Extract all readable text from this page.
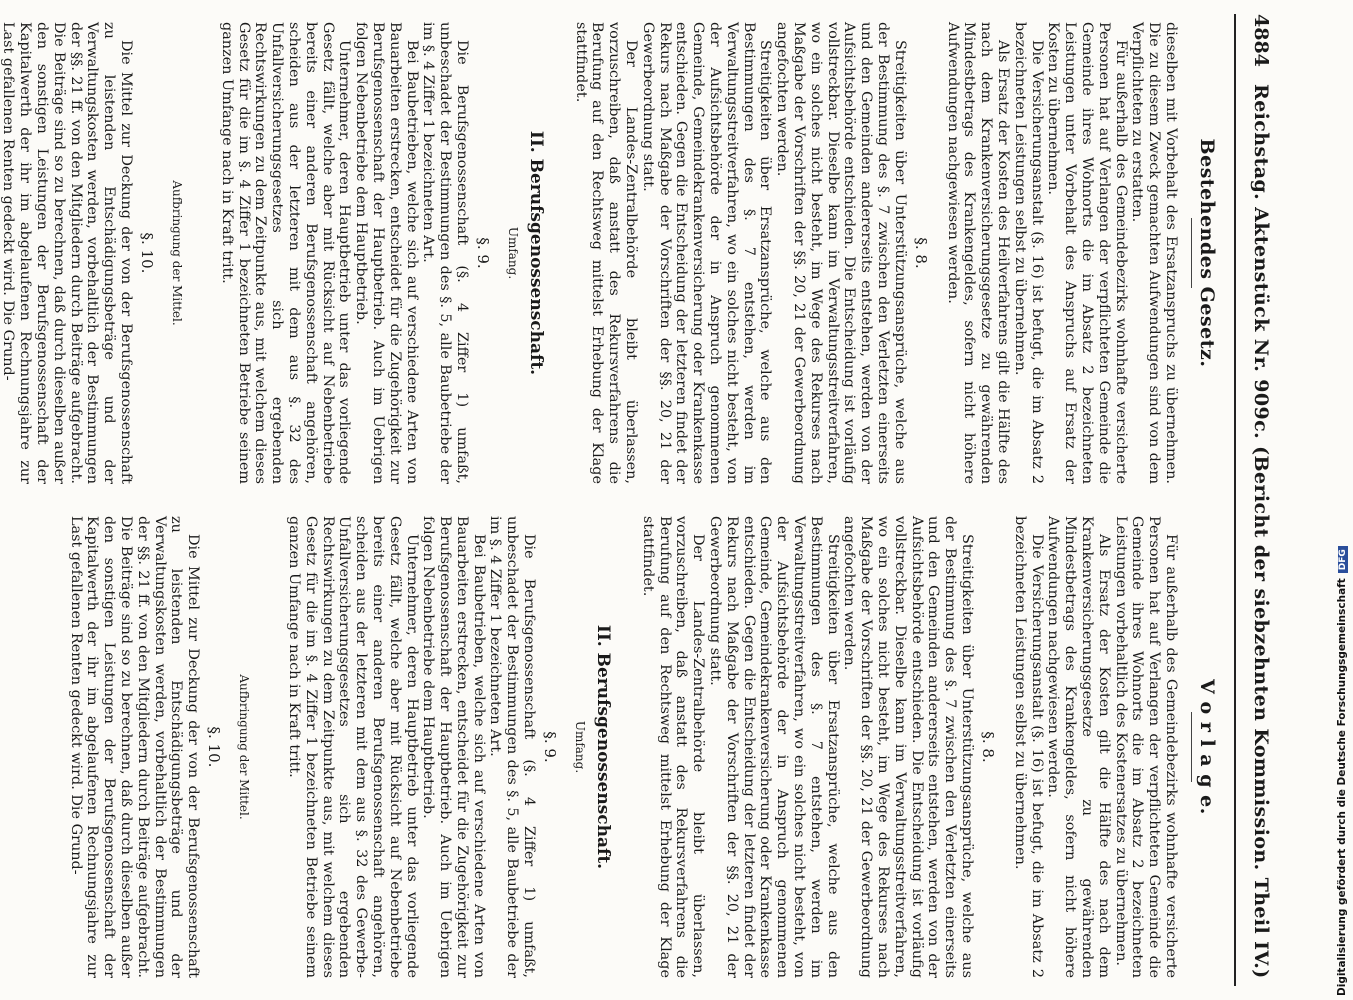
4884
Reichstag. Aktenstück Nr. 909c. (Bericht der siebzehnten Kommission. Theil IV.)
Bestehendes Gesetz.

dieselben mit Vorbehalt des Ersatzanspruchs zu übernehmen. Die zu diesem Zweck gemachten Aufwendungen sind von dem Verpflichteten zu erstatten.

Für außerhalb des Gemeindebezirks wohnhafte versicherte Personen hat auf Verlangen der verpflichteten Gemeinde die Gemeinde ihres Wohnorts die im Absatz 2 bezeichneten Leistungen unter Vorbehalt des Anspruchs auf Ersatz der Kosten zu übernehmen.

Die Versicherungsanstalt (§. 16) ist befugt, die im Absatz 2 bezeichneten Leistungen selbst zu übernehmen.

Als Ersatz der Kosten des Heilverfahrens gilt die Hälfte des nach dem Krankenversicherungsgesetze zu gewährenden Mindestbetrags des Krankengeldes, sofern nicht höhere Aufwendungen nachgewiesen werden.

§. 8.

Streitigkeiten über Unterstützungsansprüche, welche aus der Bestimmung des §. 7 zwischen den Verletzten einerseits und den Gemeinden andererseits entstehen, werden von der Aufsichtsbehörde entschieden. Die Entscheidung ist vorläufig vollstreckbar. Dieselbe kann im Verwaltungsstreitverfahren, wo ein solches nicht besteht, im Wege des Rekurses nach Maßgabe der Vorschriften der §§. 20, 21 der Gewerbeordnung angefochten werden.

Streitigkeiten über Ersatzansprüche, welche aus den Bestimmungen des §. 7 entstehen, werden im Verwaltungsstreitverfahren, wo ein solches nicht besteht, von der Aufsichtsbehörde der in Anspruch genommenen Gemeinde, Gemeindekrankenversicherung oder Krankenkasse entschieden. Gegen die Entscheidung der letzteren findet der Rekurs nach Maßgabe der Vorschriften der §§. 20, 21 der Gewerbeordnung statt.

Der Landes-Zentralbehörde bleibt überlassen, vorzuschreiben, daß anstatt des Rekursverfahrens die Berufung auf den Rechtsweg mittelst Erhebung der Klage stattfindet.

II. Berufsgenossenschaft.
Umfang.
§. 9.

Die Berufsgenossenschaft (§. 4 Ziffer 1) umfaßt, unbeschadet der Bestimmungen des §. 5, alle Baubetriebe der im §. 4 Ziffer 1 bezeichneten Art.

Bei Baubetrieben, welche sich auf verschiedene Arten von Bauarbeiten erstrecken, entscheidet für die Zugehörigkeit zur Berufsgenossenschaft der Hauptbetrieb. Auch im Uebrigen folgen Nebenbetriebe dem Hauptbetrieb.

Unternehmer, deren Hauptbetrieb unter das vorliegende Gesetz fällt, welche aber mit Rücksicht auf Nebenbetriebe bereits einer anderen Berufsgenossenschaft angehören, scheiden aus der letzteren mit dem aus §. 32 des Unfallversicherungsgesetzes sich ergebenden Rechtswirkungen zu dem Zeitpunkte aus, mit welchem dieses Gesetz für die im §. 4 Ziffer 1 bezeichneten Betriebe seinem ganzen Umfange nach in Kraft tritt.

Aufbringung der Mittel.
§. 10.

Die Mittel zur Deckung der von der Berufsgenossenschaft zu leistenden Entschädigungsbeträge und der Verwaltungskosten werden, vorbehaltlich der Bestimmungen der §§. 21 ff. von den Mitgliedern durch Beiträge aufgebracht. Die Beiträge sind so zu berechnen, daß durch dieselben außer den sonstigen Leistungen der Berufsgenossenschaft der Kapitalwerth der ihr im abgelaufenen Rechnungsjahre zur Last gefallenen Renten gedeckt wird. Die Grund-

V o r l a g e.

Für außerhalb des Gemeindebezirks wohnhafte versicherte Personen hat auf Verlangen der verpflichteten Gemeinde die Gemeinde ihres Wohnorts die im Absatz 2 bezeichneten Leistungen vorbehaltlich des Kostenersatzes zu übernehmen.

Als Ersatz der Kosten gilt die Hälfte des nach dem Krankenversicherungsgesetze zu gewährenden Mindestbetrags des Krankengeldes, sofern nicht höhere Aufwendungen nachgewiesen werden.

Die Versicherungsanstalt (§. 16) ist befugt, die im Absatz 2 bezeichneten Leistungen selbst zu übernehmen.

§. 8.

Streitigkeiten über Unterstützungsansprüche, welche aus der Bestimmung des §. 7 zwischen den Verletzten einerseits und den Gemeinden andererseits entstehen, werden von der Aufsichtsbehörde entschieden. Die Entscheidung ist vorläufig vollstreckbar. Dieselbe kann im Verwaltungsstreitverfahren, wo ein solches nicht besteht, im Wege des Rekurses nach Maßgabe der Vorschriften der §§. 20, 21 der Gewerbeordnung angefochten werden.

Streitigkeiten über Ersatzansprüche, welche aus den Bestimmungen des §. 7 entstehen, werden im Verwaltungsstreitverfahren, wo ein solches nicht besteht, von der Aufsichtsbehörde der in Anspruch genommenen Gemeinde, Gemeindekrankenversicherung oder Krankenkasse entschieden. Gegen die Entscheidung der letzteren findet der Rekurs nach Maßgabe der Vorschriften der §§. 20, 21 der Gewerbeordnung statt.

Der Landes-Zentralbehörde bleibt überlassen, vorzuschreiben, daß anstatt des Rekursverfahrens die Berufung auf den Rechtsweg mittelst Erhebung der Klage stattfindet.

II. Berufsgenossenschaft.
Umfang.
§. 9.

Die Berufsgenossenschaft (§. 4 Ziffer 1) umfaßt, unbeschadet der Bestimmungen des §. 5, alle Baubetriebe der im §. 4 Ziffer 1 bezeichneten Art.

Bei Baubetrieben, welche sich auf verschiedene Arten von Bauarbeiten erstrecken, entscheidet für die Zugehörigkeit zur Berufsgenossenschaft der Hauptbetrieb. Auch im Uebrigen folgen Nebenbetriebe dem Hauptbetrieb.

Unternehmer, deren Hauptbetrieb unter das vorliegende Gesetz fällt, welche aber mit Rücksicht auf Nebenbetriebe bereits einer anderen Berufsgenossenschaft angehören, scheiden aus der letzteren mit dem aus §. 32 des Gewerbe-Unfallversicherungsgesetzes sich ergebenden Rechtswirkungen zu dem Zeitpunkte aus, mit welchem dieses Gesetz für die im §. 4 Ziffer 1 bezeichneten Betriebe seinem ganzen Umfange nach in Kraft tritt.

Aufbringung der Mittel.
§. 10.

Die Mittel zur Deckung der von der Berufsgenossenschaft zu leistenden Entschädigungsbeträge und der Verwaltungskosten werden, vorbehaltlich der Bestimmungen der §§. 21 ff. von den Mitgliedern durch Beiträge aufgebracht. Die Beiträge sind so zu berechnen, daß durch dieselben außer den sonstigen Leistungen der Berufsgenossenschaft der Kapitalwerth der ihr im abgelaufenen Rechnungsjahre zur Last gefallenen Renten gedeckt wird. Die Grund-	Digitalisierung gefördert durch die Deutsche ForschungsgemeinschaftDFG
